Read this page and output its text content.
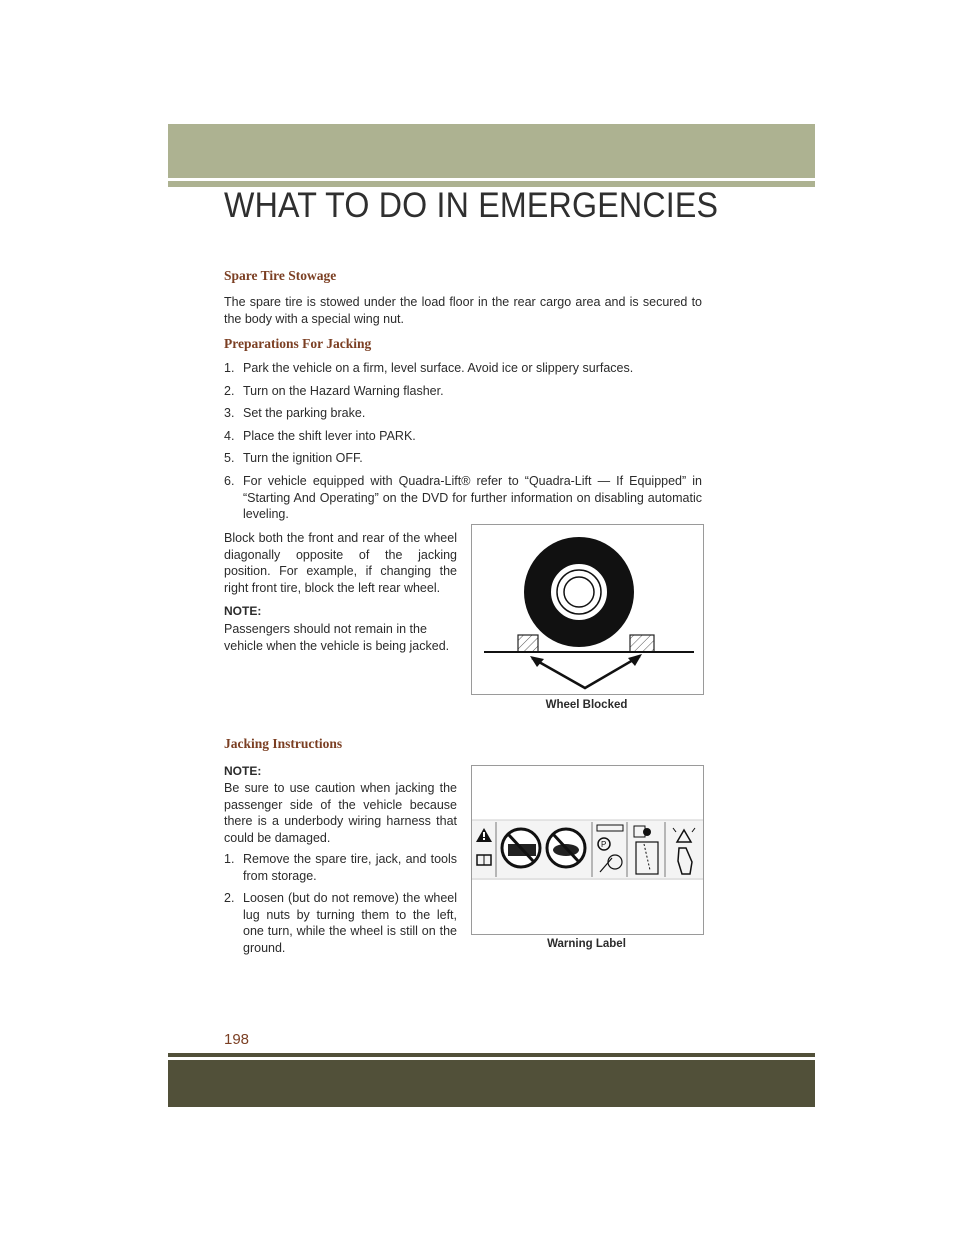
WHAT TO DO IN EMERGENCIES
Spare Tire Stowage

The spare tire is stowed under the load floor in the rear cargo area and is secured to the body with a special wing nut.

Preparations For Jacking
1. Park the vehicle on a firm, level surface. Avoid ice or slippery surfaces.
2. Turn on the Hazard Warning flasher.
3. Set the parking brake.
4. Place the shift lever into PARK.
5. Turn the ignition OFF.
6. For vehicle equipped with Quadra-Lift® refer to “Quadra-Lift — If Equipped” in “Starting And Operating” on the DVD for further information on disabling automatic leveling.

Block both the front and rear of the wheel diagonally opposite of the jacking position. For example, if changing the right front tire, block the left rear wheel.

NOTE:

Passengers should not remain in the vehicle when the vehicle is being jacked.

Wheel Blocked
Jacking Instructions
NOTE:

Be sure to use caution when jacking the passenger side of the vehicle because there is a underbody wiring harness that could be damaged.

1. Remove the spare tire, jack, and tools from storage.
2. Loosen (but do not remove) the wheel lug nuts by turning them to the left, one turn, while the wheel is still on the ground.
P
Warning Label
198
